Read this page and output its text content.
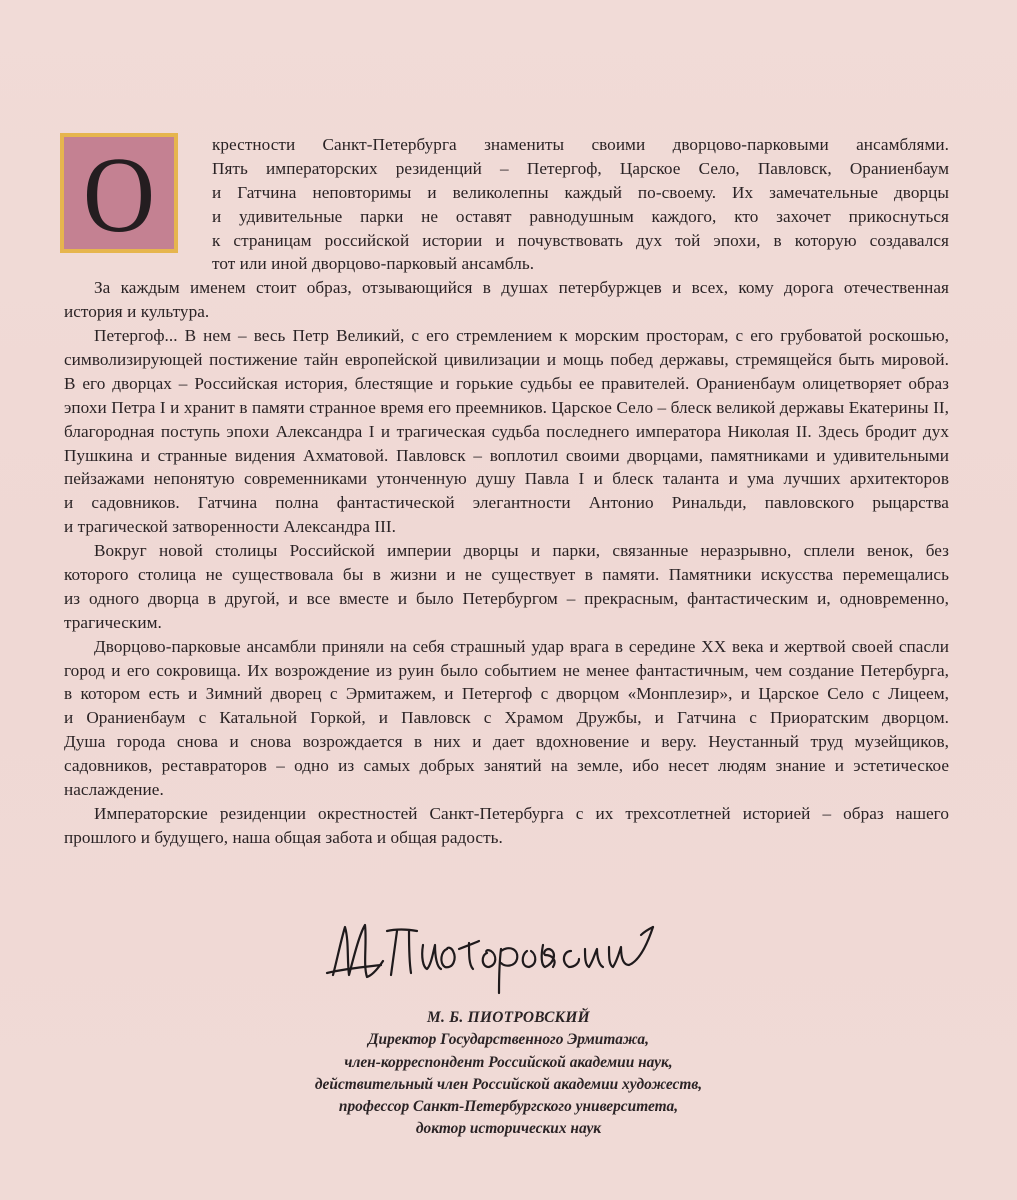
О	крестности Санкт-Петербурга знамениты своими дворцово-парковыми ансамблями.
Пять императорских резиденций – Петергоф, Царское Село, Павловск, Ораниенбаум
и Гатчина неповторимы и великолепны каждый по-своему. Их замечательные дворцы
и удивительные парки не оставят равнодушным каждого, кто захочет прикоснуться
к страницам российской истории и почувствовать дух той эпохи, в которую создавался
тот или иной дворцово-парковый ансамбль.
За каждым именем стоит образ, отзывающийся в душах петербуржцев и всех, кому дорога отечественная
история и культура.
Петергоф... В нем – весь Петр Великий, с его стремлением к морским просторам, с его грубоватой роскошью,
символизирующей постижение тайн европейской цивилизации и мощь побед державы, стремящейся быть мировой.
В его дворцах – Российская история, блестящие и горькие судьбы ее правителей. Ораниенбаум олицетворяет образ
эпохи Петра I и хранит в памяти странное время его преемников. Царское Село – блеск великой державы Екатерины II,
благородная поступь эпохи Александра I и трагическая судьба последнего императора Николая II. Здесь бродит дух
Пушкина и странные видения Ахматовой. Павловск – воплотил своими дворцами, памятниками и удивительными
пейзажами непонятую современниками утонченную душу Павла I и блеск таланта и ума лучших архитекторов
и садовников. Гатчина полна фантастической элегантности Антонио Ринальди, павловского рыцарства
и трагической затворенности Александра III.
Вокруг новой столицы Российской империи дворцы и парки, связанные неразрывно, сплели венок, без
которого столица не существовала бы в жизни и не существует в памяти. Памятники искусства перемещались
из одного дворца в другой, и все вместе и было Петербургом – прекрасным, фантастическим и, одновременно,
трагическим.
Дворцово-парковые ансамбли приняли на себя страшный удар врага в середине XX века и жертвой своей спасли
город и его сокровища. Их возрождение из руин было событием не менее фантастичным, чем создание Петербурга,
в котором есть и Зимний дворец с Эрмитажем, и Петергоф с дворцом «Монплезир», и Царское Село с Лицеем,
и Ораниенбаум с Катальной Горкой, и Павловск с Храмом Дружбы, и Гатчина с Приоратским дворцом.
Душа города снова и снова возрождается в них и дает вдохновение и веру. Неустанный труд музейщиков,
садовников, реставраторов – одно из самых добрых занятий на земле, ибо несет людям знание и эстетическое
наслаждение.
Императорские резиденции окрестностей Санкт-Петербурга с их трехсотлетней историей – образ нашего
прошлого и будущего, наша общая забота и общая радость.
М. Б. ПИОТРОВСКИЙ
Директор Государственного Эрмитажа,
член-корреспондент Российской академии наук,
действительный член Российской академии художеств,
профессор Санкт-Петербургского университета,
доктор исторических наук
